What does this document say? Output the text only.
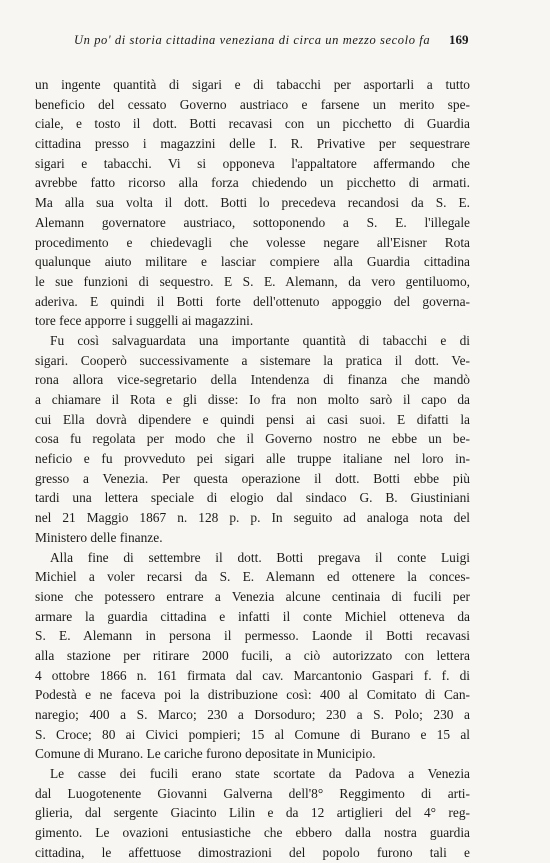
Un po' di storia cittadina veneziana di circa un mezzo secolo fa	169
un ingente quantità di sigari e di tabacchi per asportarli a tutto
beneficio del cessato Governo austriaco e farsene un merito spe-
ciale, e tosto il dott. Botti recavasi con un picchetto di Guardia
cittadina presso i magazzini delle I. R. Privative per sequestrare
sigari e tabacchi. Vi si opponeva l'appaltatore affermando che
avrebbe fatto ricorso alla forza chiedendo un picchetto di armati.
Ma alla sua volta il dott. Botti lo precedeva recandosi da S. E.
Alemann governatore austriaco, sottoponendo a S. E. l'illegale
procedimento e chiedevagli che volesse negare all'Eisner Rota
qualunque aiuto militare e lasciar compiere alla Guardia cittadina
le sue funzioni di sequestro. E S. E. Alemann, da vero gentiluomo,
aderiva. E quindi il Botti forte dell'ottenuto appoggio del governa-
tore fece apporre i suggelli ai magazzini.
Fu così salvaguardata una importante quantità di tabacchi e di
sigari. Cooperò successivamente a sistemare la pratica il dott. Ve-
rona allora vice-segretario della Intendenza di finanza che mandò
a chiamare il Rota e gli disse: Io fra non molto sarò il capo da
cui Ella dovrà dipendere e quindi pensi ai casi suoi. E difatti la
cosa fu regolata per modo che il Governo nostro ne ebbe un be-
neficio e fu provveduto pei sigari alle truppe italiane nel loro in-
gresso a Venezia. Per questa operazione il dott. Botti ebbe più
tardi una lettera speciale di elogio dal sindaco G. B. Giustiniani
nel 21 Maggio 1867 n. 128 p. p. In seguito ad analoga nota del
Ministero delle finanze.
Alla fine di settembre il dott. Botti pregava il conte Luigi
Michiel a voler recarsi da S. E. Alemann ed ottenere la conces-
sione che potessero entrare a Venezia alcune centinaia di fucili per
armare la guardia cittadina e infatti il conte Michiel otteneva da
S. E. Alemann in persona il permesso. Laonde il Botti recavasi
alla stazione per ritirare 2000 fucili, a ciò autorizzato con lettera
4 ottobre 1866 n. 161 firmata dal cav. Marcantonio Gaspari f. f. di
Podestà e ne faceva poi la distribuzione così: 400 al Comitato di Can-
naregio; 400 a S. Marco; 230 a Dorsoduro; 230 a S. Polo; 230 a
S. Croce; 80 ai Civici pompieri; 15 al Comune di Burano e 15 al
Comune di Murano. Le cariche furono depositate in Municipio.
Le casse dei fucili erano state scortate da Padova a Venezia
dal Luogotenente Giovanni Galverna dell'8° Reggimento di arti-
glieria, dal sergente Giacinto Lilin e da 12 artiglieri del 4° reg-
gimento. Le ovazioni entusiastiche che ebbero dalla nostra guardia
cittadina, le affettuose dimostrazioni del popolo furono tali e
